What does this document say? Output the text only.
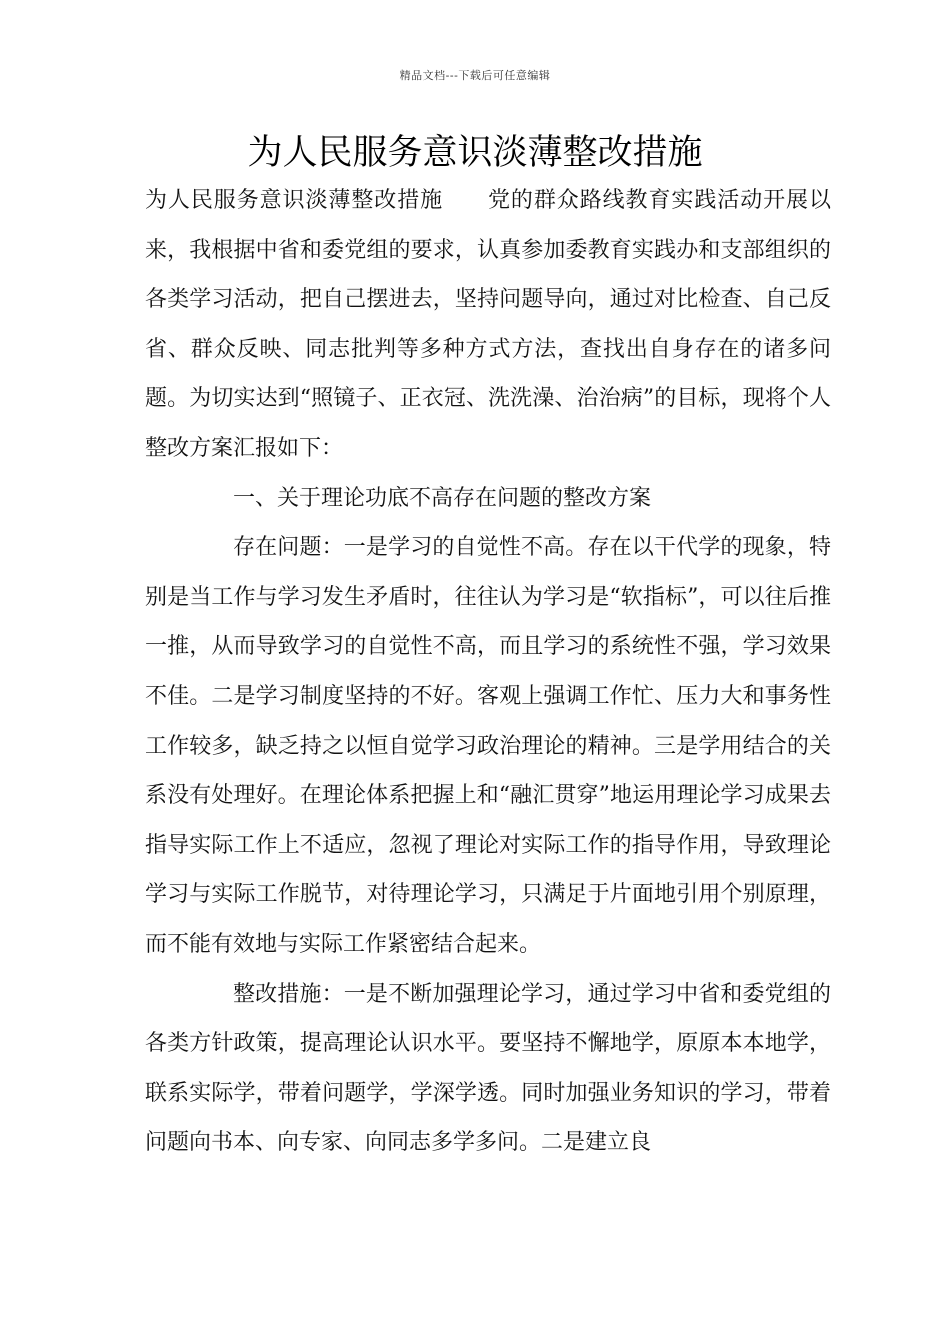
精品文档---下载后可任意编辑
为人民服务意识淡薄整改措施

为人民服务意识淡薄整改措施 党的群众路线教育实践活动开展以来，我根据中省和委党组的要求，认真参加委教育实践办和支部组织的各类学习活动，把自己摆进去，坚持问题导向，通过对比检查、自己反省、群众反映、同志批判等多种方式方法，查找出自身存在的诸多问题。为切实达到“照镜子、正衣冠、洗洗澡、治治病”的目标，现将个人整改方案汇报如下：

一、关于理论功底不高存在问题的整改方案

存在问题：一是学习的自觉性不高。存在以干代学的现象，特别是当工作与学习发生矛盾时，往往认为学习是“软指标”，可以往后推一推，从而导致学习的自觉性不高，而且学习的系统性不强，学习效果不佳。二是学习制度坚持的不好。客观上强调工作忙、压力大和事务性工作较多，缺乏持之以恒自觉学习政治理论的精神。三是学用结合的关系没有处理好。在理论体系把握上和“融汇贯穿”地运用理论学习成果去指导实际工作上不适应，忽视了理论对实际工作的指导作用，导致理论学习与实际工作脱节，对待理论学习，只满足于片面地引用个别原理，而不能有效地与实际工作紧密结合起来。

整改措施：一是不断加强理论学习，通过学习中省和委党组的各类方针政策，提高理论认识水平。要坚持不懈地学，原原本本地学，联系实际学，带着问题学，学深学透。同时加强业务知识的学习，带着问题向书本、向专家、向同志多学多问。二是建立良
